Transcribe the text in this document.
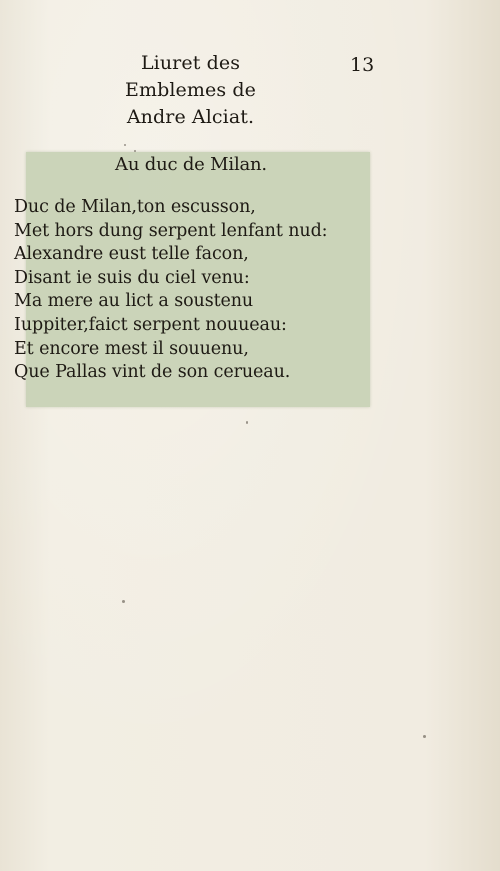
Liuret des Emblemes de
Andre Alciat.
13
Au duc de Milan.
Duc de Milan,ton escusson,
Met hors dung serpent lenfant nud:
Alexandre eust telle facon,
Disant ie suis du ciel venu:
Ma mere au lict a soustenu
Iuppiter,faict serpent nouueau:
Et encore mest il souuenu,
Que Pallas vint de son cerueau.
